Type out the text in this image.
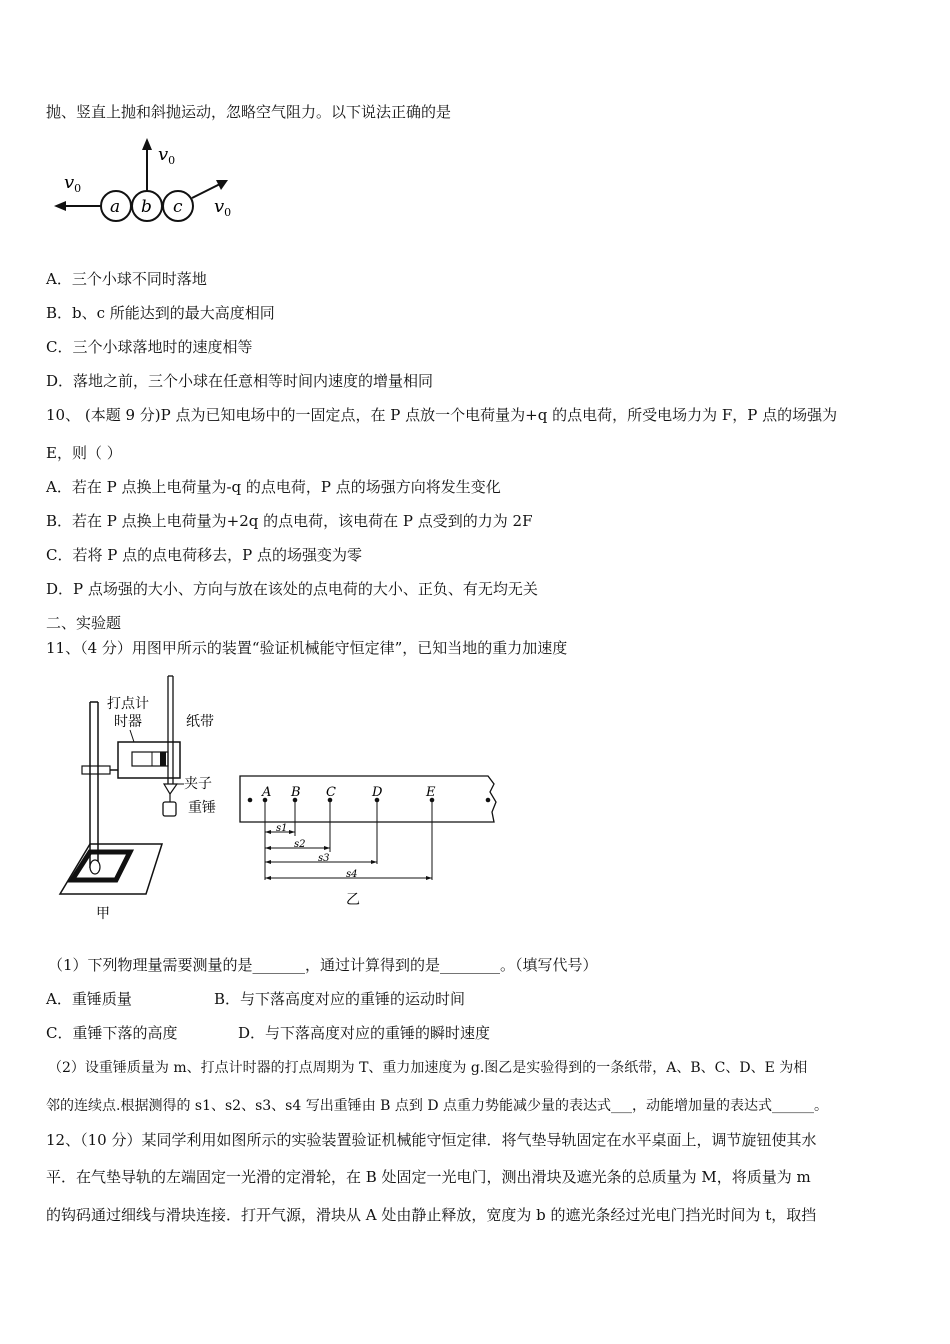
抛、竖直上抛和斜抛运动，忽略空气阻力。以下说法正确的是
a b c
$v_0$
$v_0$
$v_0$
A．三个小球不同时落地
B．b、c 所能达到的最大高度相同
C．三个小球落地时的速度相等
D．落地之前，三个小球在任意相等时间内速度的增量相同
10、 (本题 9 分)P 点为已知电场中的一固定点，在 P 点放一个电荷量为+q 的点电荷，所受电场力为 F，P 点的场强为
E，则（ ）
A．若在 P 点换上电荷量为-q 的点电荷，P 点的场强方向将发生变化
B．若在 P 点换上电荷量为+2q 的点电荷，该电荷在 P 点受到的力为 2F
C．若将 P 点的点电荷移去，P 点的场强变为零
D．P 点场强的大小、方向与放在该处的点电荷的大小、正负、有无均无关
二、实验题
11、（4 分）用图甲所示的装置“验证机械能守恒定律”，已知当地的重力加速度
打点计
时器	纸带
夹子
重锤
甲
A B C	D	E
s1
s2
s3
s4
乙
（1）下列物理量需要测量的是_______，通过计算得到的是________。（填写代号）
A．重锤质量	B．与下落高度对应的重锤的运动时间
C．重锤下落的高度	D．与下落高度对应的重锤的瞬时速度
（2）设重锤质量为 m、打点计时器的打点周期为 T、重力加速度为 g.图乙是实验得到的一条纸带，A、B、C、D、E 为相
邻的连续点.根据测得的 s1、s2、s3、s4 写出重锤由 B 点到 D 点重力势能减少量的表达式___，动能增加量的表达式______。
12、（10 分）某同学利用如图所示的实验装置验证机械能守恒定律．将气垫导轨固定在水平桌面上，调节旋钮使其水
平．在气垫导轨的左端固定一光滑的定滑轮，在 B 处固定一光电门，测出滑块及遮光条的总质量为 M，将质量为 m
的钩码通过细线与滑块连接．打开气源，滑块从 A 处由静止释放，宽度为 b 的遮光条经过光电门挡光时间为 t，取挡
